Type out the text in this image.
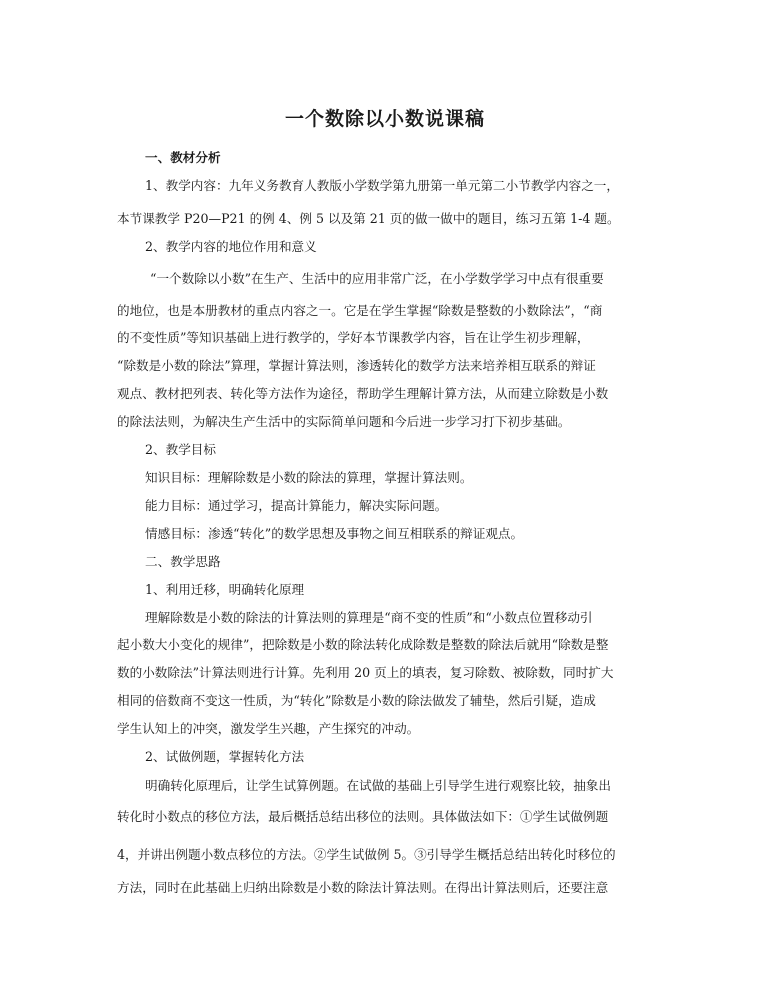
一个数除以小数说课稿
一、教材分析
1、教学内容：九年义务教育人教版小学数学第九册第一单元第二小节教学内容之一，
本节课教学 P20—P21 的例 4、例 5 以及第 21 页的做一做中的题目，练习五第 1-4 题。
2、教学内容的地位作用和意义
“一个数除以小数”在生产、生活中的应用非常广泛，在小学数学学习中点有很重要
的地位，也是本册教材的重点内容之一。它是在学生掌握“除数是整数的小数除法”，“商
的不变性质”等知识基础上进行教学的，学好本节课教学内容，旨在让学生初步理解，
“除数是小数的除法”算理，掌握计算法则，渗透转化的数学方法来培养相互联系的辩证
观点、教材把列表、转化等方法作为途径，帮助学生理解计算方法，从而建立除数是小数
的除法法则，为解决生产生活中的实际简单问题和今后进一步学习打下初步基础。
2、教学目标
知识目标：理解除数是小数的除法的算理，掌握计算法则。
能力目标：通过学习，提高计算能力，解决实际问题。
情感目标：渗透“转化”的数学思想及事物之间互相联系的辩证观点。
二、教学思路
1、利用迁移，明确转化原理
理解除数是小数的除法的计算法则的算理是“商不变的性质”和“小数点位置移动引
起小数大小变化的规律”，把除数是小数的除法转化成除数是整数的除法后就用“除数是整
数的小数除法”计算法则进行计算。先利用 20 页上的填表，复习除数、被除数，同时扩大
相同的倍数商不变这一性质，为“转化”除数是小数的除法做发了辅垫，然后引疑，造成
学生认知上的冲突，激发学生兴趣，产生探究的冲动。
2、试做例题，掌握转化方法
明确转化原理后，让学生试算例题。在试做的基础上引导学生进行观察比较，抽象出
转化时小数点的移位方法，最后概括总结出移位的法则。具体做法如下：①学生试做例题
4，并讲出例题小数点移位的方法。②学生试做例 5。③引导学生概括总结出转化时移位的
方法，同时在此基础上归纳出除数是小数的除法计算法则。在得出计算法则后，还要注意
